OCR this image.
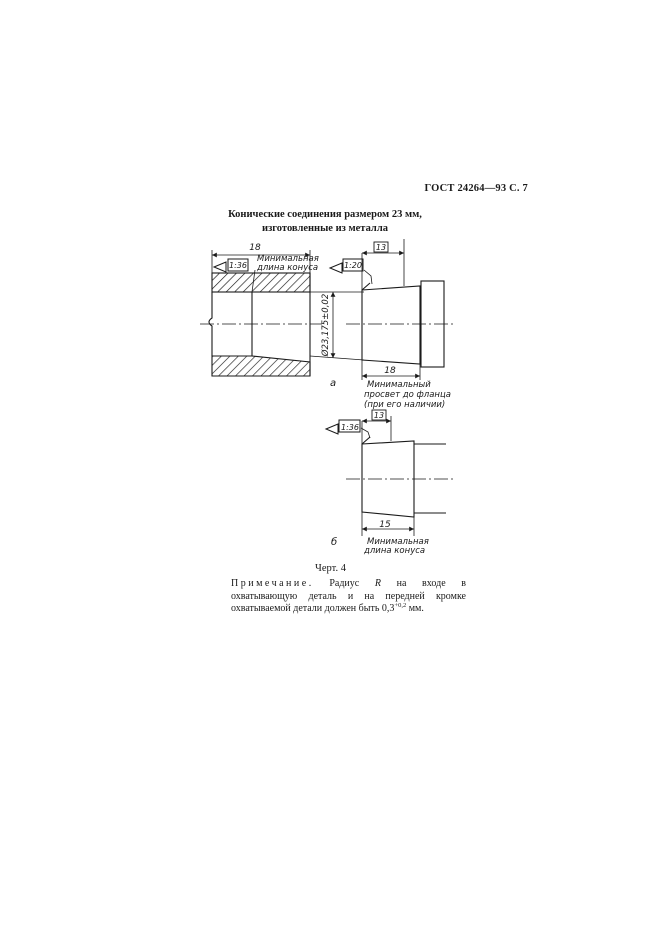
ГОСТ 24264—93 С. 7
Конические соединения размером 23 мм,
изготовленные из металла
18
1:36
Минимальная
длина конуса
Ø23,175±0,02
13
1:20
18
а	Минимальный
просвет до фланца
(при его наличии)
13
1:36
15
б	Минимальная
длина конуса
Черт. 4
Примечание. Радиус R на входе в охватывающую деталь и на передней кромке охватываемой детали должен быть $0,3^{+0,2}$ мм.
